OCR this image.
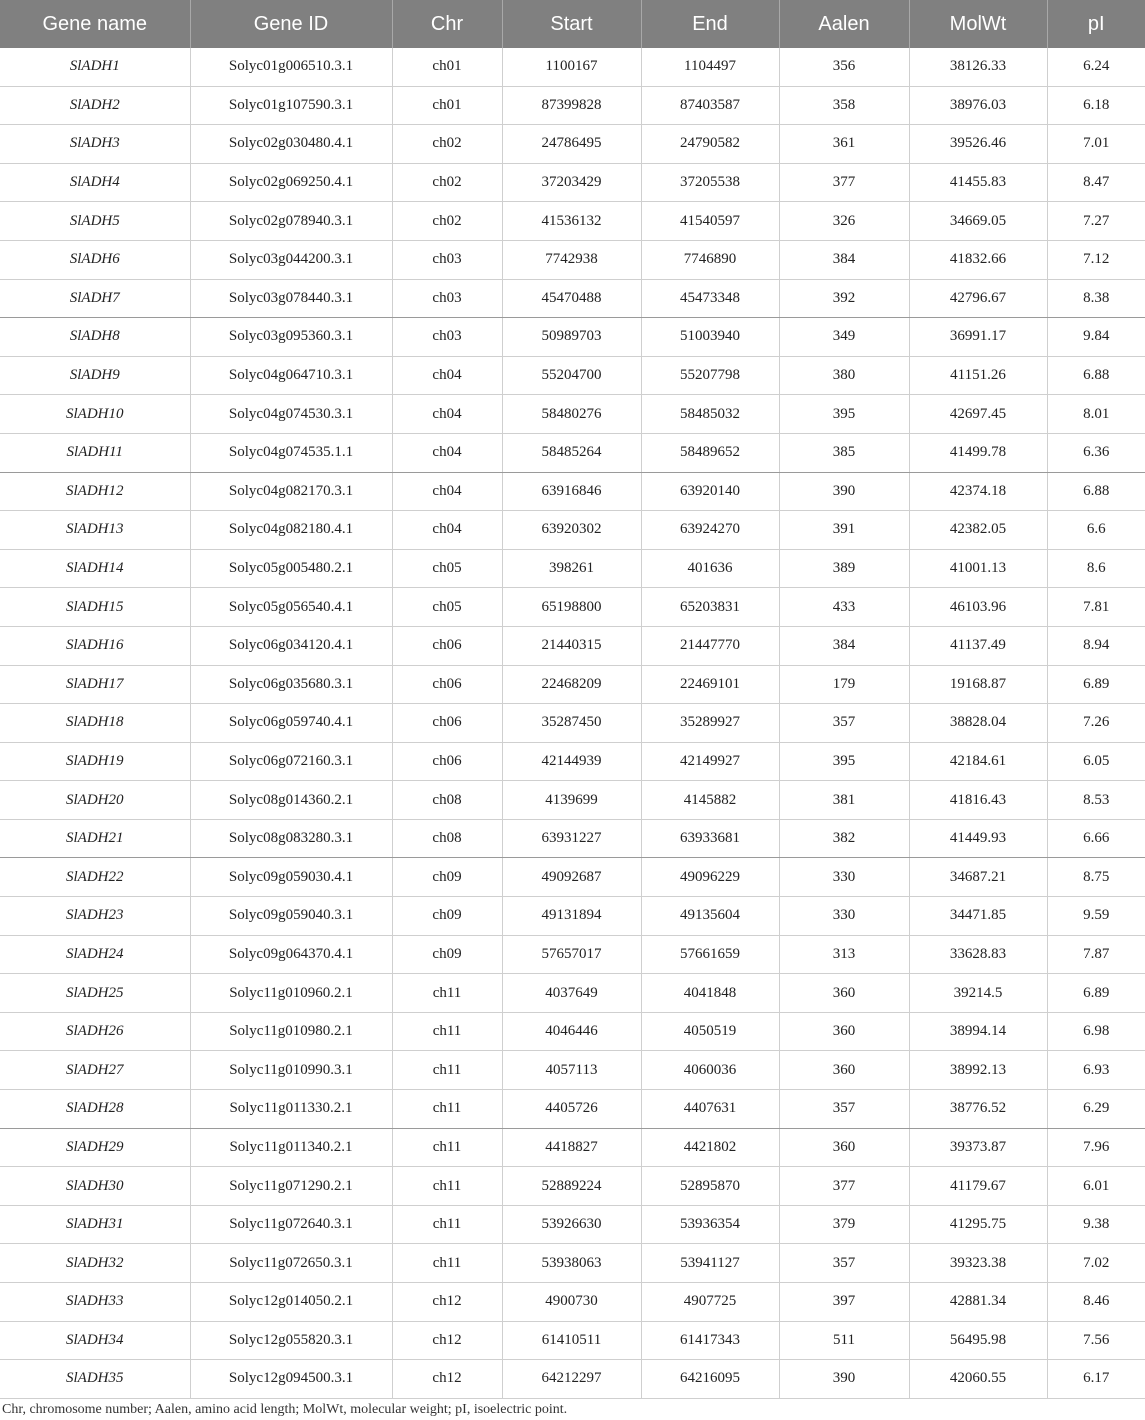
Gene name	Gene ID	Chr	Start	End	Aalen	MolWt	pI
SlADH1	Solyc01g006510.3.1	ch01	1100167	1104497	356	38126.33	6.24
SlADH2	Solyc01g107590.3.1	ch01	87399828	87403587	358	38976.03	6.18
SlADH3	Solyc02g030480.4.1	ch02	24786495	24790582	361	39526.46	7.01
SlADH4	Solyc02g069250.4.1	ch02	37203429	37205538	377	41455.83	8.47
SlADH5	Solyc02g078940.3.1	ch02	41536132	41540597	326	34669.05	7.27
SlADH6	Solyc03g044200.3.1	ch03	7742938	7746890	384	41832.66	7.12
SlADH7	Solyc03g078440.3.1	ch03	45470488	45473348	392	42796.67	8.38
SlADH8	Solyc03g095360.3.1	ch03	50989703	51003940	349	36991.17	9.84
SlADH9	Solyc04g064710.3.1	ch04	55204700	55207798	380	41151.26	6.88
SlADH10	Solyc04g074530.3.1	ch04	58480276	58485032	395	42697.45	8.01
SlADH11	Solyc04g074535.1.1	ch04	58485264	58489652	385	41499.78	6.36
SlADH12	Solyc04g082170.3.1	ch04	63916846	63920140	390	42374.18	6.88
SlADH13	Solyc04g082180.4.1	ch04	63920302	63924270	391	42382.05	6.6
SlADH14	Solyc05g005480.2.1	ch05	398261	401636	389	41001.13	8.6
SlADH15	Solyc05g056540.4.1	ch05	65198800	65203831	433	46103.96	7.81
SlADH16	Solyc06g034120.4.1	ch06	21440315	21447770	384	41137.49	8.94
SlADH17	Solyc06g035680.3.1	ch06	22468209	22469101	179	19168.87	6.89
SlADH18	Solyc06g059740.4.1	ch06	35287450	35289927	357	38828.04	7.26
SlADH19	Solyc06g072160.3.1	ch06	42144939	42149927	395	42184.61	6.05
SlADH20	Solyc08g014360.2.1	ch08	4139699	4145882	381	41816.43	8.53
SlADH21	Solyc08g083280.3.1	ch08	63931227	63933681	382	41449.93	6.66
SlADH22	Solyc09g059030.4.1	ch09	49092687	49096229	330	34687.21	8.75
SlADH23	Solyc09g059040.3.1	ch09	49131894	49135604	330	34471.85	9.59
SlADH24	Solyc09g064370.4.1	ch09	57657017	57661659	313	33628.83	7.87
SlADH25	Solyc11g010960.2.1	ch11	4037649	4041848	360	39214.5	6.89
SlADH26	Solyc11g010980.2.1	ch11	4046446	4050519	360	38994.14	6.98
SlADH27	Solyc11g010990.3.1	ch11	4057113	4060036	360	38992.13	6.93
SlADH28	Solyc11g011330.2.1	ch11	4405726	4407631	357	38776.52	6.29
SlADH29	Solyc11g011340.2.1	ch11	4418827	4421802	360	39373.87	7.96
SlADH30	Solyc11g071290.2.1	ch11	52889224	52895870	377	41179.67	6.01
SlADH31	Solyc11g072640.3.1	ch11	53926630	53936354	379	41295.75	9.38
SlADH32	Solyc11g072650.3.1	ch11	53938063	53941127	357	39323.38	7.02
SlADH33	Solyc12g014050.2.1	ch12	4900730	4907725	397	42881.34	8.46
SlADH34	Solyc12g055820.3.1	ch12	61410511	61417343	511	56495.98	7.56
SlADH35	Solyc12g094500.3.1	ch12	64212297	64216095	390	42060.55	6.17
Chr, chromosome number; Aalen, amino acid length; MolWt, molecular weight; pI, isoelectric point.
